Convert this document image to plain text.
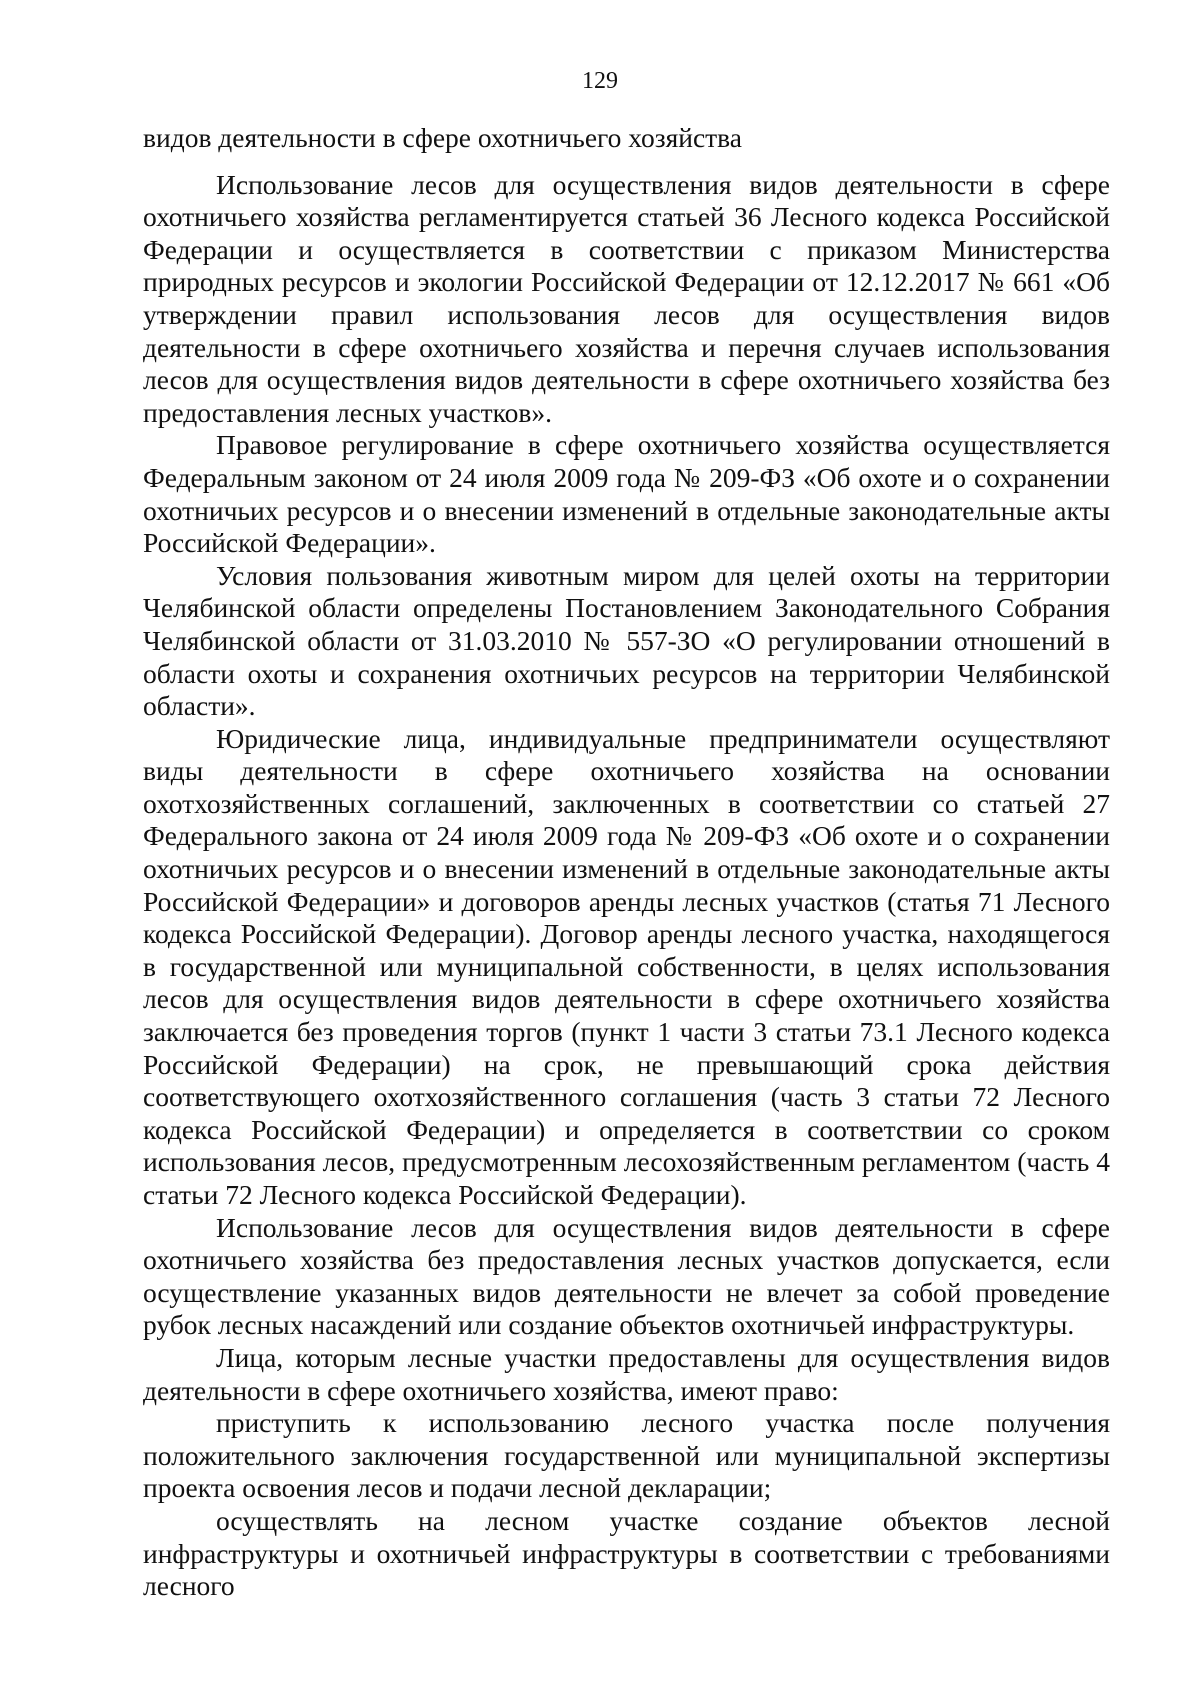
129

видов деятельности в сфере охотничьего хозяйства

Использование лесов для осуществления видов деятельности в сфере охотничьего хозяйства регламентируется статьей 36 Лесного кодекса Российской Федерации и осуществляется в соответствии с приказом Министерства природных ресурсов и экологии Российской Федерации от 12.12.2017 № 661 «Об утверждении правил использования лесов для осуществления видов деятельности в сфере охотничьего хозяйства и перечня случаев использования лесов для осуществления видов деятельности в сфере охотничьего хозяйства без предоставления лесных участков».

Правовое регулирование в сфере охотничьего хозяйства осуществляется Федеральным законом от 24 июля 2009 года № 209-ФЗ «Об охоте и о сохранении охотничьих ресурсов и о внесении изменений в отдельные законодательные акты Российской Федерации».

Условия пользования животным миром для целей охоты на территории Челябинской области определены Постановлением Законодательного Собрания Челябинской области от 31.03.2010 № 557-ЗО «О регулировании отношений в области охоты и сохранения охотничьих ресурсов на территории Челябинской области».

Юридические лица, индивидуальные предприниматели осуществляют виды деятельности в сфере охотничьего хозяйства на основании охотхозяйственных соглашений, заключенных в соответствии со статьей 27 Федерального закона от 24 июля 2009 года № 209-ФЗ «Об охоте и о сохранении охотничьих ресурсов и о внесении изменений в отдельные законодательные акты Российской Федерации» и договоров аренды лесных участков (статья 71 Лесного кодекса Российской Федерации). Договор аренды лесного участка, находящегося в государственной или муниципальной собственности, в целях использования лесов для осуществления видов деятельности в сфере охотничьего хозяйства заключается без проведения торгов (пункт 1 части 3 статьи 73.1 Лесного кодекса Российской Федерации) на срок, не превышающий срока действия соответствующего охотхозяйственного соглашения (часть 3 статьи 72 Лесного кодекса Российской Федерации) и определяется в соответствии со сроком использования лесов, предусмотренным лесохозяйственным регламентом (часть 4 статьи 72 Лесного кодекса Российской Федерации).

Использование лесов для осуществления видов деятельности в сфере охотничьего хозяйства без предоставления лесных участков допускается, если осуществление указанных видов деятельности не влечет за собой проведение рубок лесных насаждений или создание объектов охотничьей инфраструктуры.

Лица, которым лесные участки предоставлены для осуществления видов деятельности в сфере охотничьего хозяйства, имеют право:

приступить к использованию лесного участка после получения положительного заключения государственной или муниципальной экспертизы проекта освоения лесов и подачи лесной декларации;

осуществлять на лесном участке создание объектов лесной инфраструктуры и охотничьей инфраструктуры в соответствии с требованиями лесного
